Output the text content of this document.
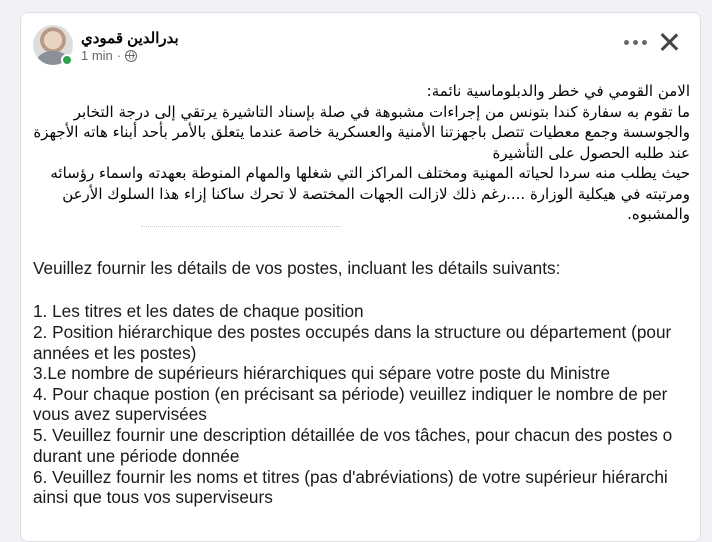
بدرالدين قمودي
1 min ·

الامن القومي في خطر والدبلوماسية نائمة:

ما تقوم به سفارة كندا بتونس من إجراءات مشبوهة في صلة بإسناد التاشيرة يرتقي إلى درجة التخابر

والجوسسة وجمع معطيات تتصل باجهزتنا الأمنية والعسكرية خاصة عندما يتعلق بالأمر بأحد أبناء هاته الأجهزة

عند طلبه الحصول على التأشيرة

حيث يطلب منه سردا لحياته المهنية ومختلف المراكز التي شغلها والمهام المنوطة بعهدته واسماء رؤسائه

ومرتبته في هيكلية الوزارة ....رغم ذلك لازالت الجهات المختصة لا تحرك ساكنا إزاء هذا السلوك الأرعن

والمشبوه.

Veuillez fournir les détails de vos postes, incluant les détails suivants:
1. Les titres et les dates de chaque position
2. Position hiérarchique des postes occupés dans la structure ou département (pour
années et les postes)
3.Le nombre de supérieurs hiérarchiques qui sépare votre poste du Ministre
4. Pour chaque postion (en précisant sa période) veuillez indiquer le nombre de per
vous avez supervisées
5. Veuillez fournir une description détaillée de vos tâches, pour chacun des postes o
durant une période donnée
6. Veuillez fournir les noms et titres (pas d'abréviations) de votre supérieur hiérarchi
ainsi que tous vos superviseurs
